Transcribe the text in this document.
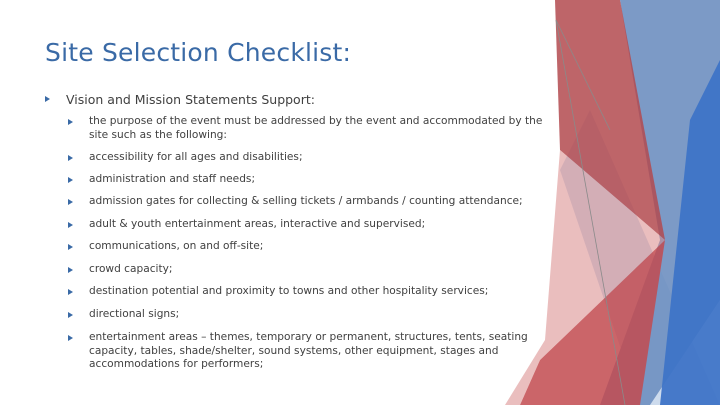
Site Selection Checklist:
Vision and Mission Statements Support:
the purpose of the event must be addressed by the event and accommodated by the site such as the following:
accessibility for all ages and disabilities;
administration and staff needs;
admission gates for collecting & selling tickets / armbands / counting attendance;
adult & youth entertainment areas, interactive and supervised;
communications, on and off-site;
crowd capacity;
destination potential and proximity to towns and other hospitality services;
directional signs;
entertainment areas – themes, temporary or permanent, structures, tents, seating capacity, tables, shade/shelter, sound systems, other equipment, stages and accommodations for performers;
